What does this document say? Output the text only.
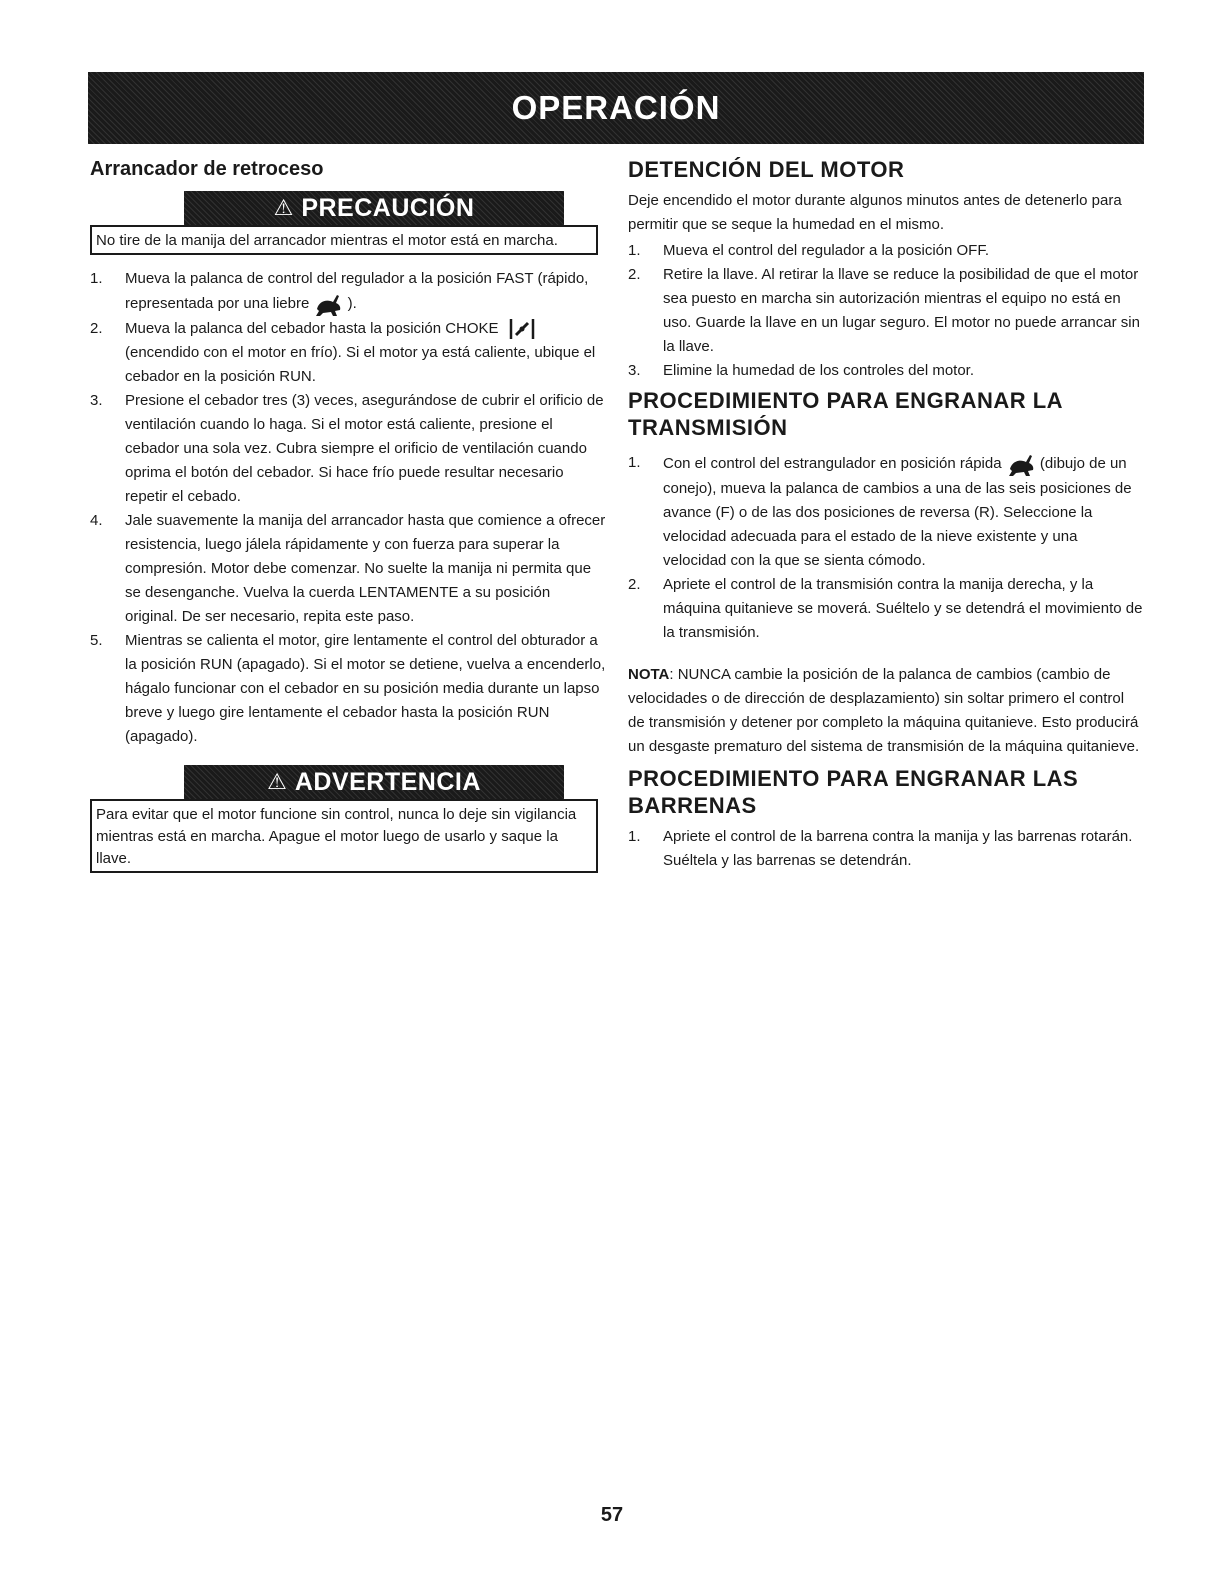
OPERACIÓN
Arrancador de retroceso
⚠ PRECAUCIÓN
No tire de la manija del arrancador mientras el motor está en marcha.
1. Mueva la palanca de control del regulador a la posición FAST (rápido, representada por una liebre	).
2. Mueva la palanca del cebador hasta la posición CHOKE
(encendido con el motor en frío). Si el motor ya está caliente, ubique el cebador en la posición RUN.
3. Presione el cebador tres (3) veces, asegurándose de cubrir el orificio de ventilación cuando lo haga. Si el motor está caliente, presione el cebador una sola vez. Cubra siempre el orificio de ventilación cuando oprima el botón del cebador. Si hace frío puede resultar necesario repetir el cebado.
4. Jale suavemente la manija del arrancador hasta que comience a ofrecer resistencia, luego jálela rápidamente y con fuerza para superar la compresión. Motor debe comenzar. No suelte la manija ni permita que se desenganche. Vuelva la cuerda LENTAMENTE a su posición original. De ser necesario, repita este paso.
5. Mientras se calienta el motor, gire lentamente el control del obturador a la posición RUN (apagado). Si el motor se detiene, vuelva a encenderlo, hágalo funcionar con el cebador en su posición media durante un lapso breve y luego gire lentamente el cebador hasta la posición RUN (apagado).
⚠ ADVERTENCIA
Para evitar que el motor funcione sin control, nunca lo deje sin vigilancia mientras está en marcha. Apague el motor luego de usarlo y saque la llave.
DETENCIÓN DEL MOTOR

Deje encendido el motor durante algunos minutos antes de detenerlo para permitir que se seque la humedad en el mismo.

1. Mueva el control del regulador a la posición OFF.
2. Retire la llave. Al retirar la llave se reduce la posibilidad de que el motor sea puesto en marcha sin autorización mientras el equipo no está en uso. Guarde la llave en un lugar seguro. El motor no puede arrancar sin la llave.
3. Elimine la humedad de los controles del motor.
PROCEDIMIENTO PARA ENGRANAR LA TRANSMISIÓN
1. Con el control del estrangulador en posición rápida	(dibujo de un conejo), mueva la palanca de cambios a una de las seis posiciones de avance (F) o de las dos posiciones de reversa (R). Seleccione la velocidad adecuada para el estado de la nieve existente y una velocidad con la que se sienta cómodo.
2. Apriete el control de la transmisión contra la manija derecha, y la máquina quitanieve se moverá. Suéltelo y se detendrá el movimiento de la transmisión.

NOTA: NUNCA cambie la posición de la palanca de cambios (cambio de velocidades o de dirección de desplazamiento) sin soltar primero el control de transmisión y detener por completo la máquina quitanieve. Esto producirá un desgaste prematuro del sistema de transmisión de la máquina quitanieve.

PROCEDIMIENTO PARA ENGRANAR LAS BARRENAS
1. Apriete el control de la barrena contra la manija y las barrenas rotarán. Suéltela y las barrenas se detendrán.
57
